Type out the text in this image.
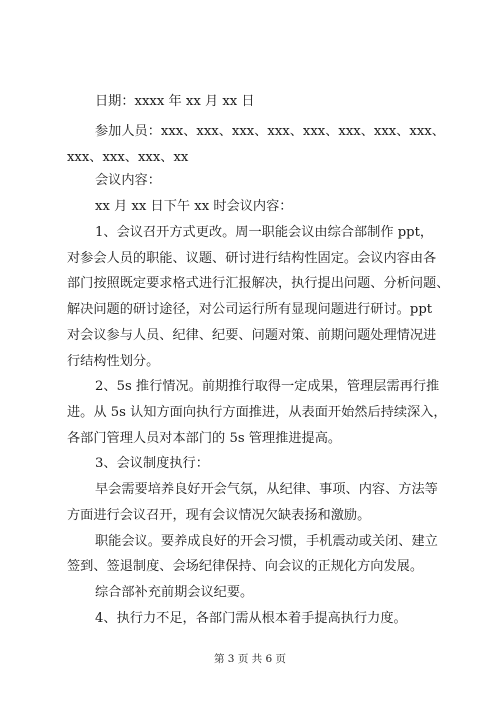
日期：xxxx 年 xx 月 xx 日
参加人员：xxx、xxx、xxx、xxx、xxx、xxx、xxx、xxx、
xxx、xxx、xxx、xx
会议内容：
xx 月 xx 日下午 xx 时会议内容：
1、会议召开方式更改。周一职能会议由综合部制作 ppt，
对参会人员的职能、议题、研讨进行结构性固定。会议内容由各
部门按照既定要求格式进行汇报解决，执行提出问题、分析问题、
解决问题的研讨途径，对公司运行所有显现问题进行研讨。ppt
对会议参与人员、纪律、纪要、问题对策、前期问题处理情况进
行结构性划分。
2、5s 推行情况。前期推行取得一定成果，管理层需再行推
进。从 5s 认知方面向执行方面推进，从表面开始然后持续深入，
各部门管理人员对本部门的 5s 管理推进提高。
3、会议制度执行：
早会需要培养良好开会气氛，从纪律、事项、内容、方法等
方面进行会议召开，现有会议情况欠缺表扬和激励。
职能会议。要养成良好的开会习惯，手机震动或关闭、建立
签到、签退制度、会场纪律保持、向会议的正规化方向发展。
综合部补充前期会议纪要。
4、执行力不足，各部门需从根本着手提高执行力度。
第 3 页 共 6 页
